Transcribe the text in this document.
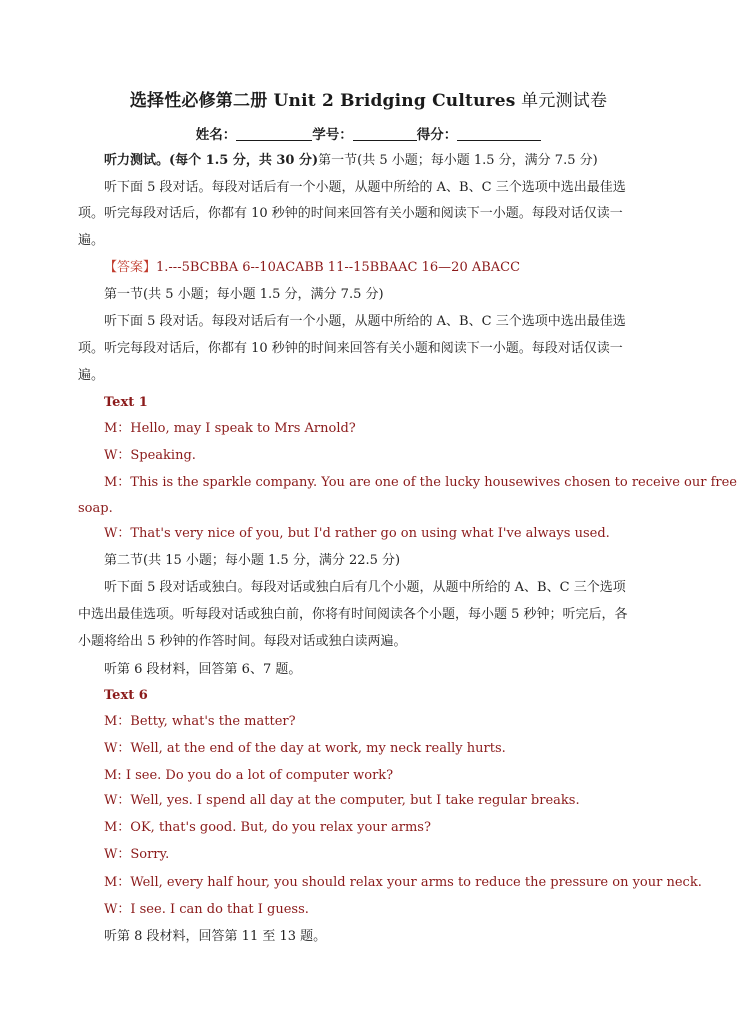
选择性必修第二册 Unit 2 Bridging Cultures 单元测试卷
姓名：	学号：	得分：
听力测试。(每个 1.5 分，共 30 分)第一节(共 5 小题；每小题 1.5 分，满分 7.5 分)
听下面 5 段对话。每段对话后有一个小题，从题中所给的 A、B、C 三个选项中选出最佳选
项。听完每段对话后，你都有 10 秒钟的时间来回答有关小题和阅读下一小题。每段对话仅读一
遍。
【答案】1.---5BCBBA 6--10ACABB 11--15BBAAC 16—20 ABACC
第一节(共 5 小题；每小题 1.5 分，满分 7.5 分)
听下面 5 段对话。每段对话后有一个小题，从题中所给的 A、B、C 三个选项中选出最佳选
项。听完每段对话后，你都有 10 秒钟的时间来回答有关小题和阅读下一小题。每段对话仅读一
遍。
Text 1
M：Hello, may I speak to Mrs Arnold?
W：Speaking.
M：This is the sparkle company. You are one of the lucky housewives chosen to receive our free
soap.
W：That's very nice of you, but I'd rather go on using what I've always used.
第二节(共 15 小题；每小题 1.5 分，满分 22.5 分)
听下面 5 段对话或独白。每段对话或独白后有几个小题，从题中所给的 A、B、C 三个选项
中选出最佳选项。听每段对话或独白前，你将有时间阅读各个小题，每小题 5 秒钟；听完后，各
小题将给出 5 秒钟的作答时间。每段对话或独白读两遍。
听第 6 段材料，回答第 6、7 题。
Text 6
M：Betty, what's the matter?
W：Well, at the end of the day at work, my neck really hurts.
M: I see. Do you do a lot of computer work?
W：Well, yes. I spend all day at the computer, but I take regular breaks.
M：OK, that's good. But, do you relax your arms?
W：Sorry.
M：Well, every half hour, you should relax your arms to reduce the pressure on your neck.
W：I see. I can do that I guess.
听第 8 段材料，回答第 11 至 13 题。
